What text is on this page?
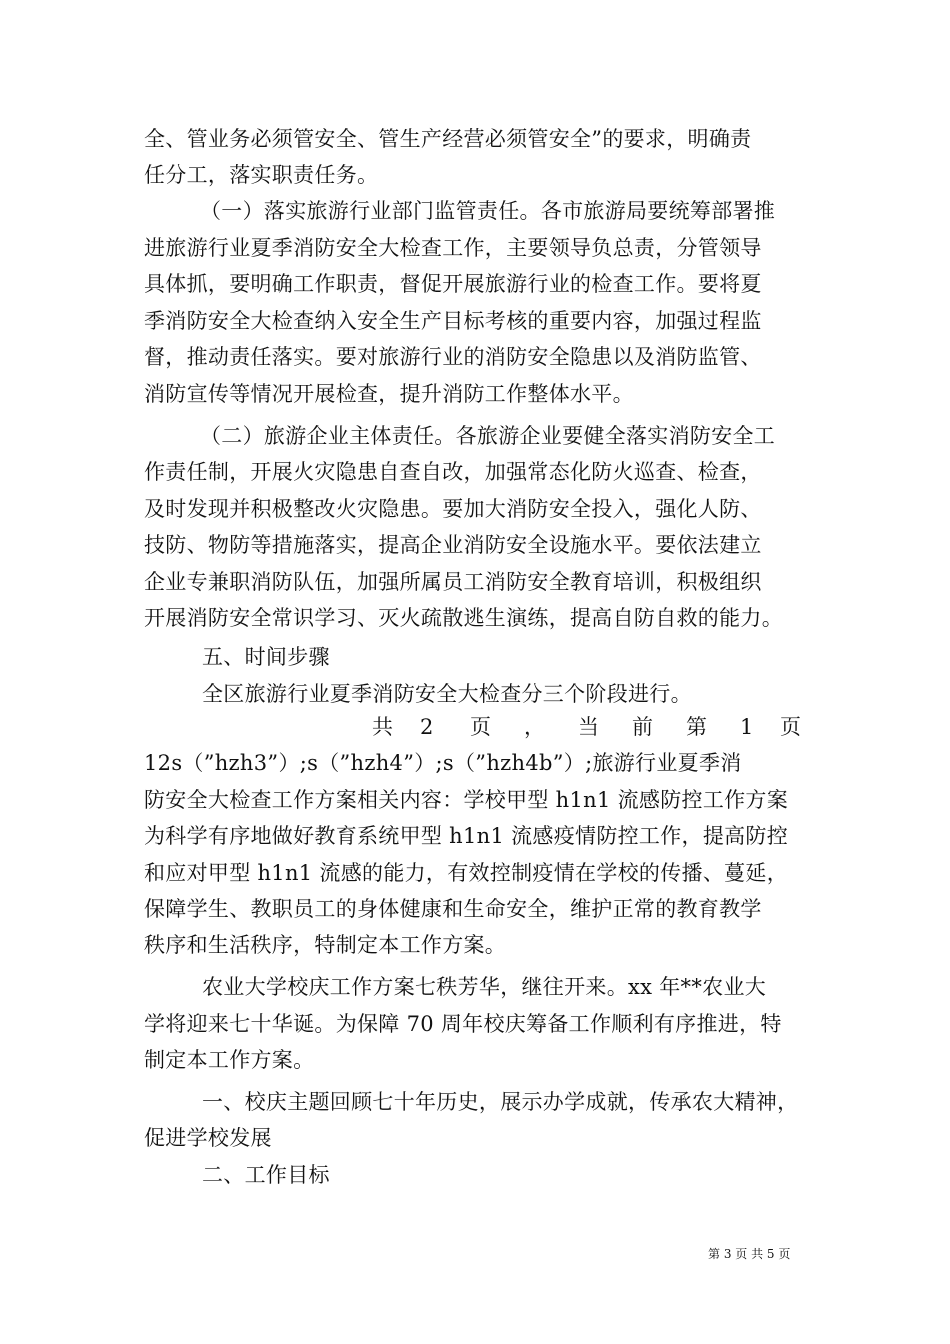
全、管业务必须管安全、管生产经营必须管安全”的要求，明确责
任分工，落实职责任务。
（一）落实旅游行业部门监管责任。各市旅游局要统筹部署推
进旅游行业夏季消防安全大检查工作，主要领导负总责，分管领导
具体抓，要明确工作职责，督促开展旅游行业的检查工作。要将夏
季消防安全大检查纳入安全生产目标考核的重要内容，加强过程监
督，推动责任落实。要对旅游行业的消防安全隐患以及消防监管、
消防宣传等情况开展检查，提升消防工作整体水平。
（二）旅游企业主体责任。各旅游企业要健全落实消防安全工
作责任制，开展火灾隐患自查自改，加强常态化防火巡查、检查，
及时发现并积极整改火灾隐患。要加大消防安全投入，强化人防、
技防、物防等措施落实，提高企业消防安全设施水平。要依法建立
企业专兼职消防队伍，加强所属员工消防安全教育培训，积极组织
开展消防安全常识学习、灭火疏散逃生演练，提高自防自救的能力。
五、时间步骤
全区旅游行业夏季消防安全大检查分三个阶段进行。
共 2 页 ， 当 前 第 1 页
12s（”hzh3”）;s（”hzh4”）;s（”hzh4b”）;旅游行业夏季消
防安全大检查工作方案相关内容：学校甲型 h1n1 流感防控工作方案
为科学有序地做好教育系统甲型 h1n1 流感疫情防控工作，提高防控
和应对甲型 h1n1 流感的能力，有效控制疫情在学校的传播、蔓延，
保障学生、教职员工的身体健康和生命安全，维护正常的教育教学
秩序和生活秩序，特制定本工作方案。
农业大学校庆工作方案七秩芳华，继往开来。xx 年**农业大
学将迎来七十华诞。为保障 70 周年校庆筹备工作顺利有序推进，特
制定本工作方案。
一、校庆主题回顾七十年历史，展示办学成就，传承农大精神，
促进学校发展
二、工作目标
第 3 页 共 5 页
